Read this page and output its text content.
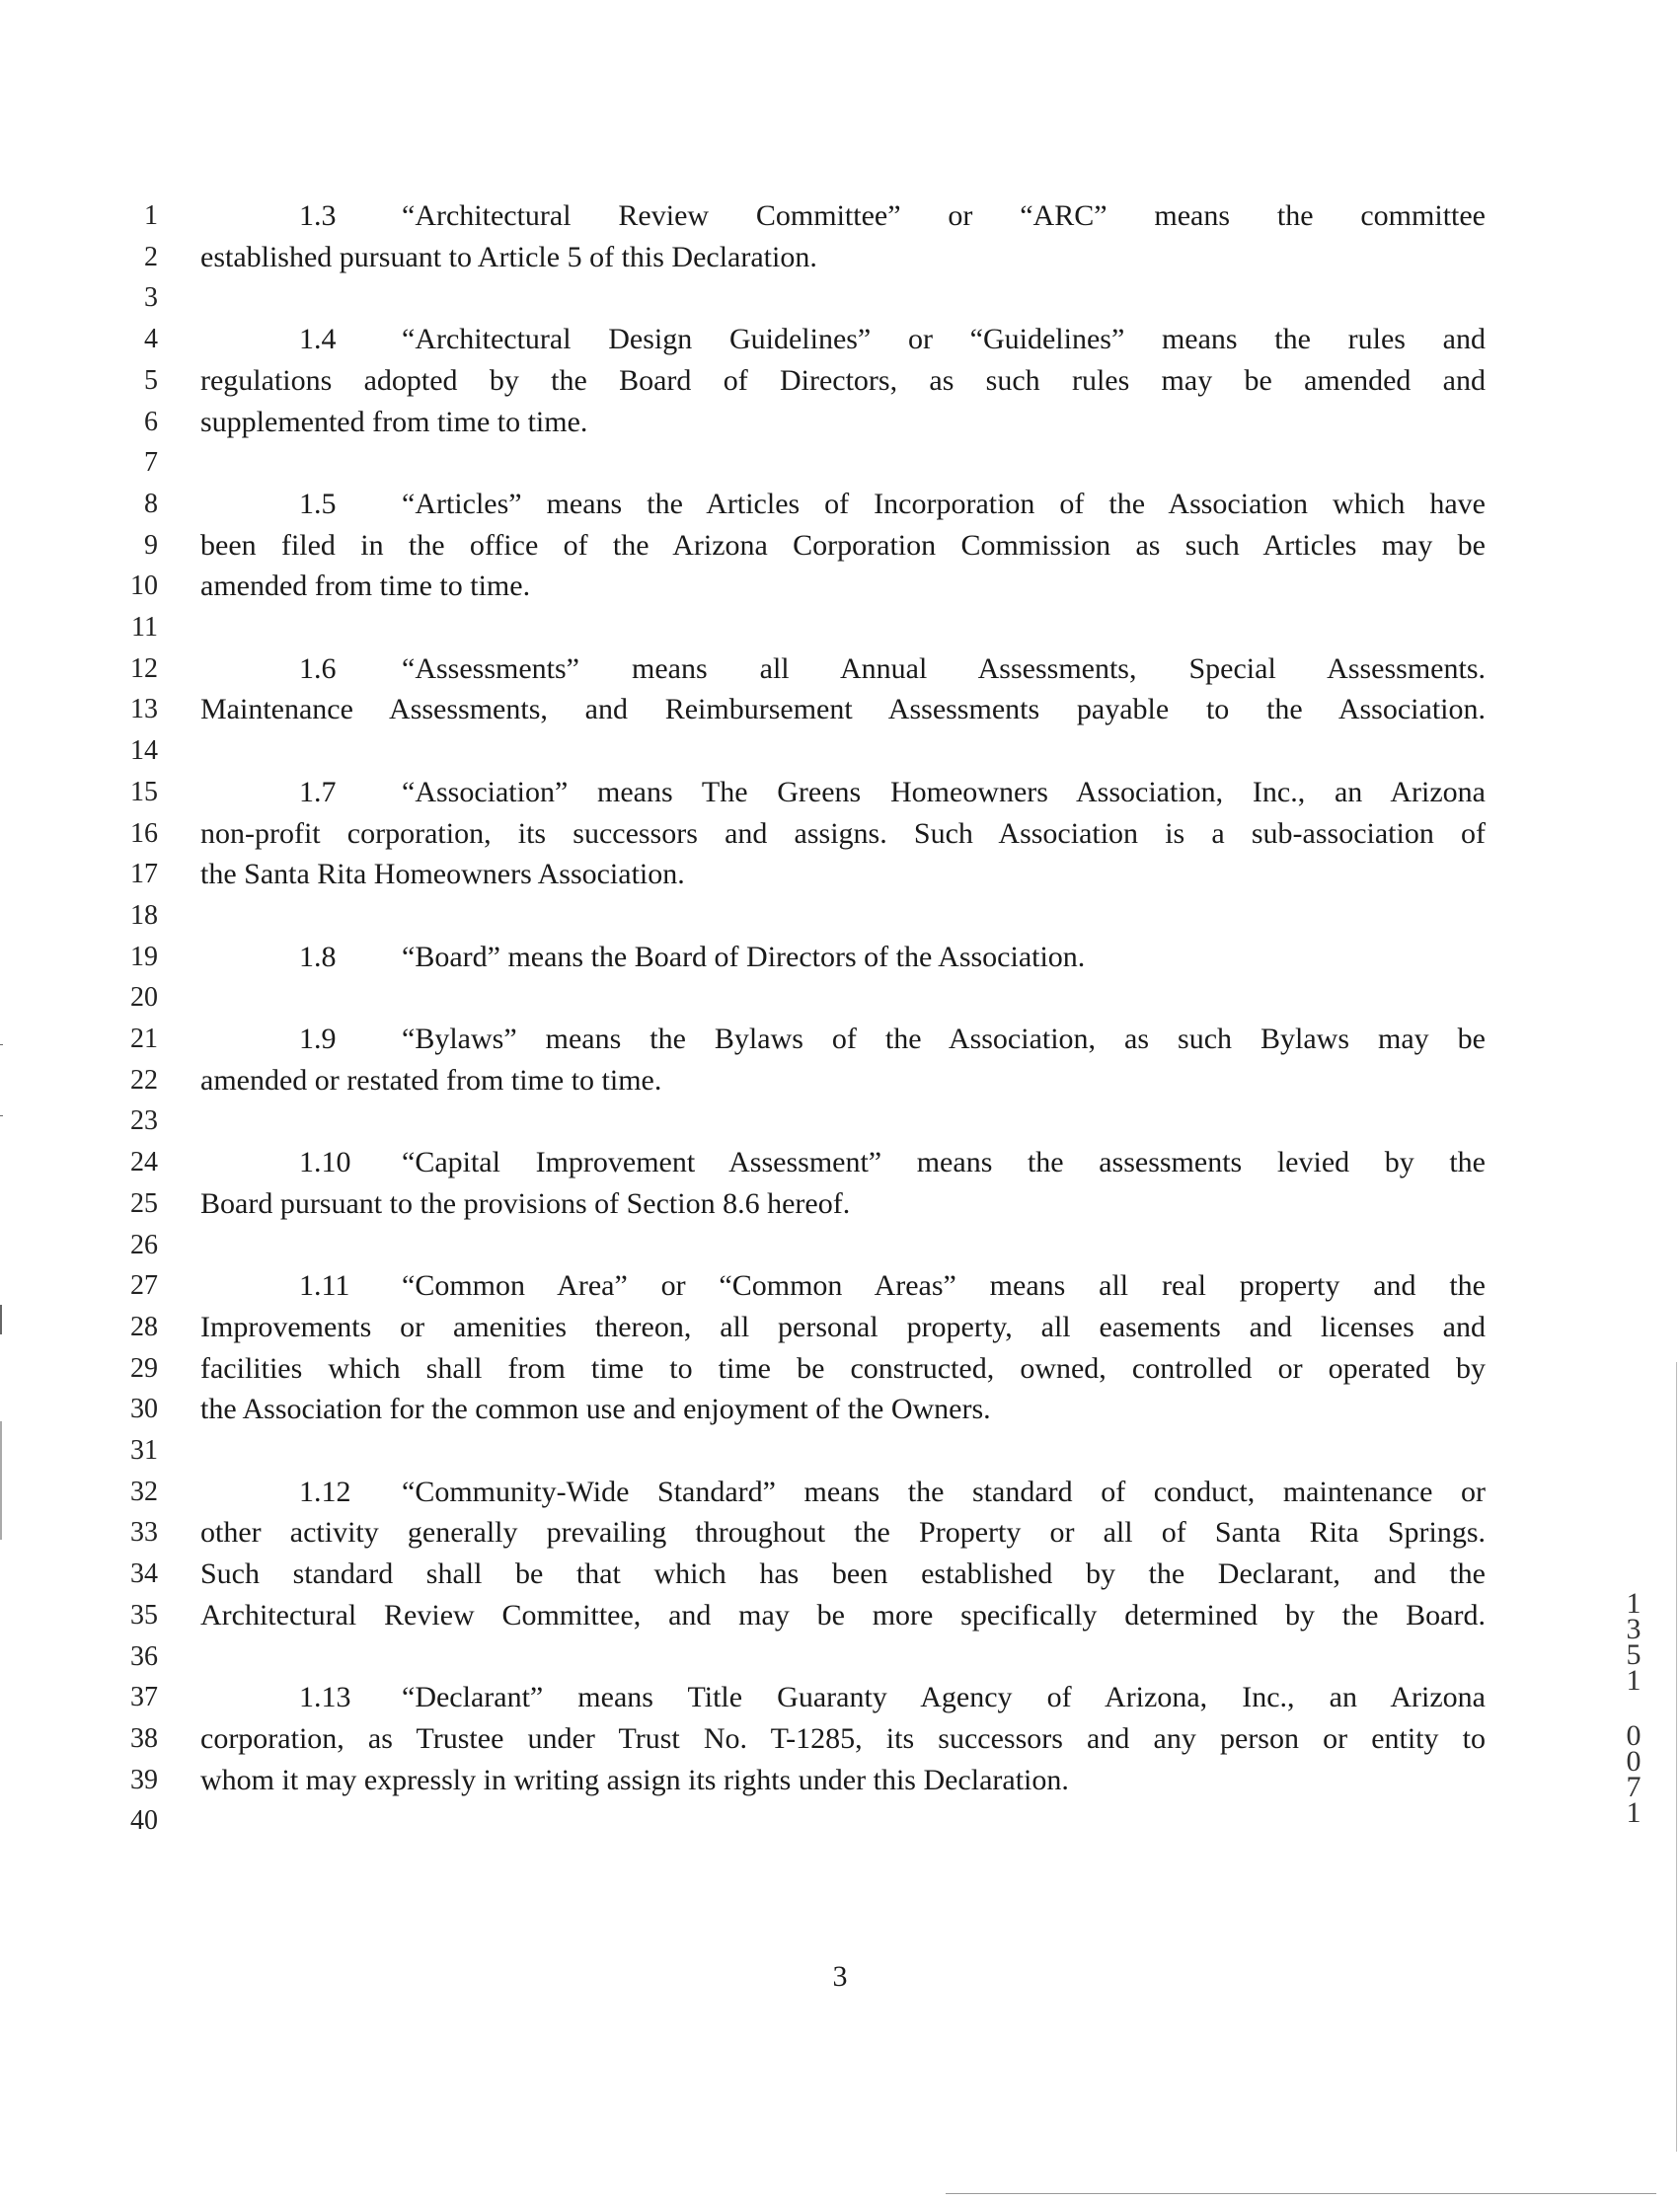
1	1.3 “Architectural Review Committee” or “ARC” means the committee
2 established pursuant to Article 5 of this Declaration.
3
4	1.4 “Architectural Design Guidelines” or “Guidelines” means the rules and
5 regulations adopted by the Board of Directors, as such rules may be amended and
6 supplemented from time to time.
7
8	1.5 “Articles” means the Articles of Incorporation of the Association which have
9 been filed in the office of the Arizona Corporation Commission as such Articles may be
10 amended from time to time.
11
12	1.6 “Assessments” means all Annual Assessments, Special Assessments.
13 Maintenance Assessments, and Reimbursement Assessments payable to the Association.
14
15	1.7 “Association” means The Greens Homeowners Association, Inc., an Arizona
16 non-profit corporation, its successors and assigns. Such Association is a sub-association of
17 the Santa Rita Homeowners Association.
18
19	1.8 “Board” means the Board of Directors of the Association.
20
21	1.9 “Bylaws” means the Bylaws of the Association, as such Bylaws may be
22 amended or restated from time to time.
23
24	1.10 “Capital Improvement Assessment” means the assessments levied by the
25 Board pursuant to the provisions of Section 8.6 hereof.
26
27	1.11 “Common Area” or “Common Areas” means all real property and the
28 Improvements or amenities thereon, all personal property, all easements and licenses and
29 facilities which shall from time to time be constructed, owned, controlled or operated by
30 the Association for the common use and enjoyment of the Owners.
31
32	1.12 “Community-Wide Standard” means the standard of conduct, maintenance or
33 other activity generally prevailing throughout the Property or all of Santa Rita Springs.
34 Such standard shall be that which has been established by the Declarant, and the
35 Architectural Review Committee, and may be more specifically determined by the Board.
36
37	1.13 “Declarant” means Title Guaranty Agency of Arizona, Inc., an Arizona
38 corporation, as Trustee under Trust No. T-1285, its successors and any person or entity to
39 whom it may expressly in writing assign its rights under this Declaration.
40
3
1
3
5
1
0
0
7
1
